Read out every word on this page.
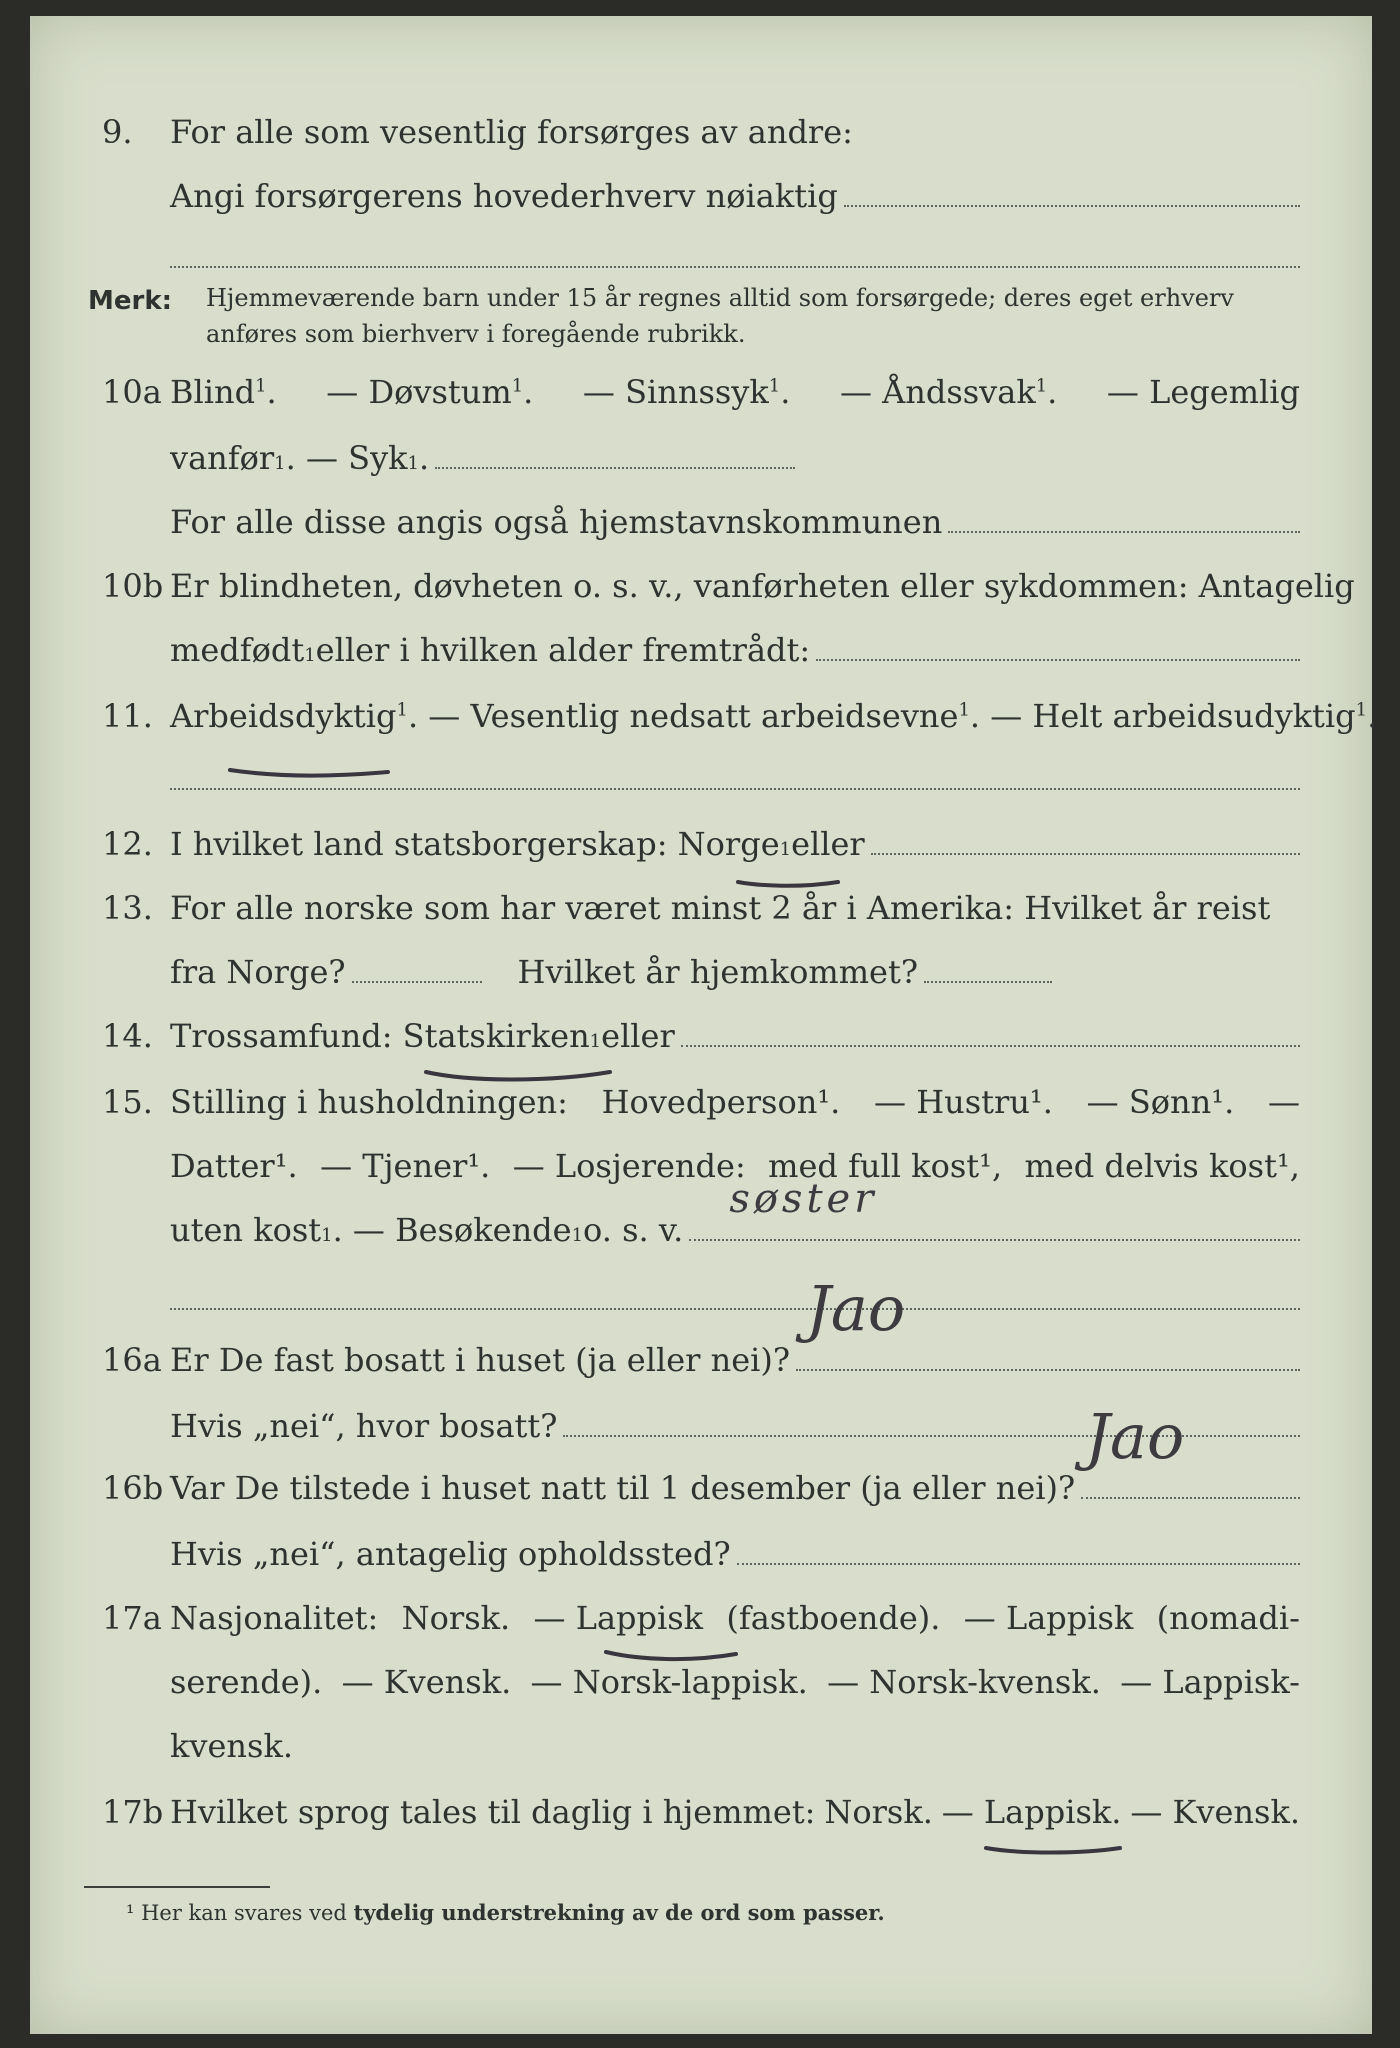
9. For alle som vesentlig forsørges av andre:
Angi forsørgerens hovederhverv nøiaktig
Merk: Hjemmeværende barn under 15 år regnes alltid som forsørgede; deres eget erhverv anføres som bierhverv i foregående rubrikk.
10a Blind$^1$. — Døvstum$^1$. — Sinnssyk$^1$. — Åndssvak$^1$. — Legemlig
vanfør 1 . — Syk 1 .
For alle disse angis også hjemstavnskommunen
10b Er blindheten, døvheten o. s. v., vanførheten eller sykdommen: Antagelig
medfødt 1 eller i hvilken alder fremtrådt:
11. Arbeidsdyktig$^1$. — Vesentlig nedsatt arbeidsevne$^1$. — Helt arbeidsudyktig$^1$.
12. I hvilket land statsborgerskap: Norge 1 eller
13. For alle norske som har været minst 2 år i Amerika: Hvilket år reist
fra Norge?	Hvilket år hjemkommet?
14. Trossamfund: Statskirken 1 eller
15. Stilling i husholdningen: Hovedperson¹. — Hustru¹. — Sønn¹. —
Datter¹. — Tjener¹. — Losjerende: med full kost¹, med delvis kost¹,
uten kost 1 . — Besøkende 1 o. s. v.
søster
16a Er De fast bosatt i huset (ja eller nei)?
Jao
Hvis „nei“, hvor bosatt?
16b Var De tilstede i huset natt til 1 desember (ja eller nei)?
Jao
Hvis „nei“, antagelig opholdssted?
17a Nasjonalitet: Norsk. — Lappisk (fastboende). — Lappisk (nomadi-
serende). — Kvensk. — Norsk-lappisk. — Norsk-kvensk. — Lappisk-
kvensk.
17b Hvilket sprog tales til daglig i hjemmet: Norsk. — Lappisk. — Kvensk.
¹ Her kan svares ved tydelig understrekning av de ord som passer.
